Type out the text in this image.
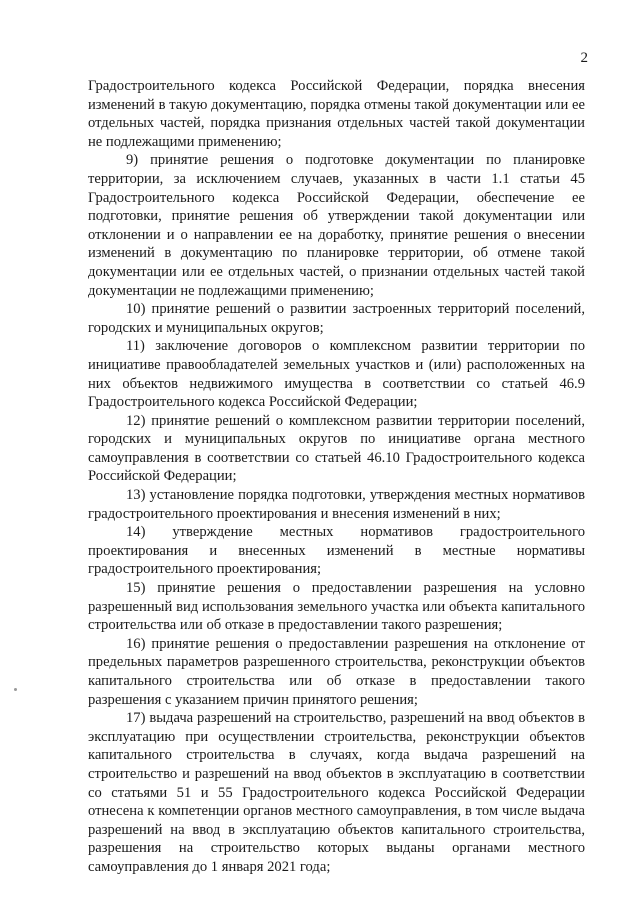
2

Градостроительного кодекса Российской Федерации, порядка внесения изменений в такую документацию, порядка отмены такой документации или ее отдельных частей, порядка признания отдельных частей такой документации не подлежащими применению;

9) принятие решения о подготовке документации по планировке территории, за исключением случаев, указанных в части 1.1 статьи 45 Градостроительного кодекса Российской Федерации, обеспечение ее подготовки, принятие решения об утверждении такой документации или отклонении и о направлении ее на доработку, принятие решения о внесении изменений в документацию по планировке территории, об отмене такой документации или ее отдельных частей, о признании отдельных частей такой документации не подлежащими применению;

10) принятие решений о развитии застроенных территорий поселений, городских и муниципальных округов;

11) заключение договоров о комплексном развитии территории по инициативе правообладателей земельных участков и (или) расположенных на них объектов недвижимого имущества в соответствии со статьей 46.9 Градостроительного кодекса Российской Федерации;

12) принятие решений о комплексном развитии территории поселений, городских и муниципальных округов по инициативе органа местного самоуправления в соответствии со статьей 46.10 Градостроительного кодекса Российской Федерации;

13) установление порядка подготовки, утверждения местных нормативов градостроительного проектирования и внесения изменений в них;

14) утверждение местных нормативов градостроительного проектирования и внесенных изменений в местные нормативы градостроительного проектирования;

15) принятие решения о предоставлении разрешения на условно разрешенный вид использования земельного участка или объекта капитального строительства или об отказе в предоставлении такого разрешения;

16) принятие решения о предоставлении разрешения на отклонение от предельных параметров разрешенного строительства, реконструкции объектов капитального строительства или об отказе в предоставлении такого разрешения с указанием причин принятого решения;

17) выдача разрешений на строительство, разрешений на ввод объектов в эксплуатацию при осуществлении строительства, реконструкции объектов капитального строительства в случаях, когда выдача разрешений на строительство и разрешений на ввод объектов в эксплуатацию в соответствии со статьями 51 и 55 Градостроительного кодекса Российской Федерации отнесена к компетенции органов местного самоуправления, в том числе выдача разрешений на ввод в эксплуатацию объектов капитального строительства, разрешения на строительство которых выданы органами местного самоуправления до 1 января 2021 года;
